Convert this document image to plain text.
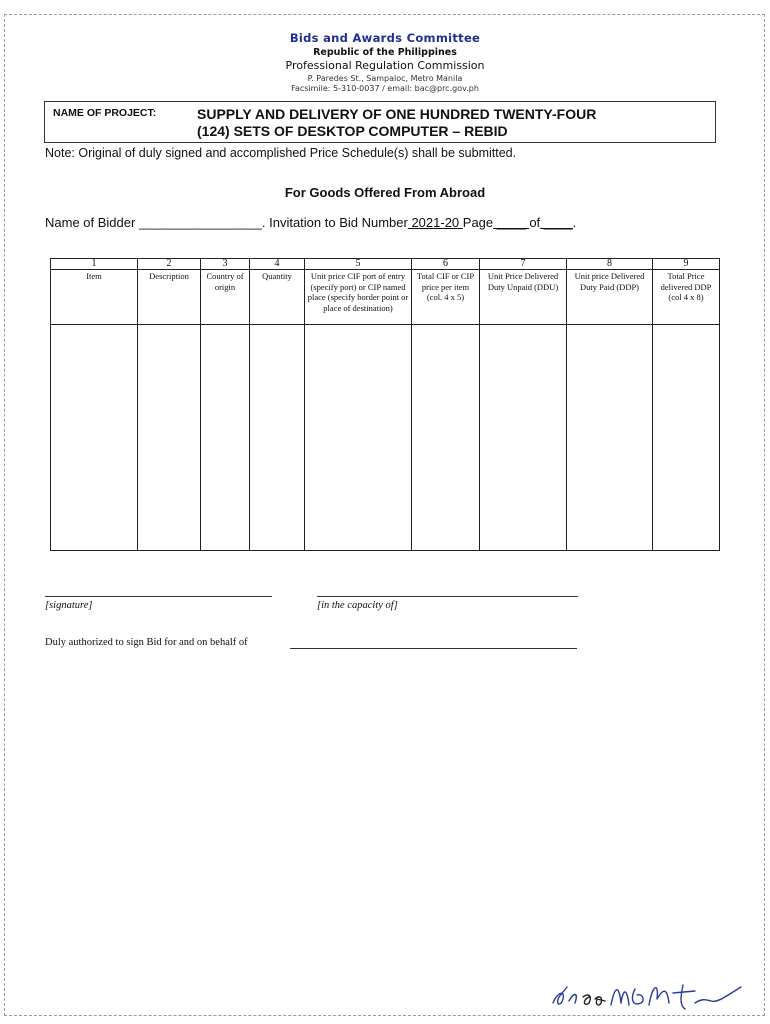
Bids and Awards Committee
Republic of the Philippines
Professional Regulation Commission
P. Paredes St., Sampaloc, Metro Manila
Facsimile: 5-310-0037 / email: bac@prc.gov.ph
NAME OF PROJECT:	SUPPLY AND DELIVERY OF ONE HUNDRED TWENTY-FOUR
(124) SETS OF DESKTOP COMPUTER – REBID
Note: Original of duly signed and accomplished Price Schedule(s) shall be submitted.
For Goods Offered From Abroad
Name of Bidder _________________. Invitation to Bid Number 2021-20 Page ____ of ____.
1	2	3	4	5	6	7	8	9
Item	Description	Country of origin	Quantity	Unit price CIF port of entry (specify port) or CIP named place (specify border point or place of destination)	Total CIF or CIP price per item (col. 4 x 5)	Unit Price Delivered Duty Unpaid (DDU)	Unit price Delivered Duty Paid (DDP)	Total Price delivered DDP (col 4 x 8)

[signature]	[in the capacity of]
Duly authorized to sign Bid for and on behalf of
